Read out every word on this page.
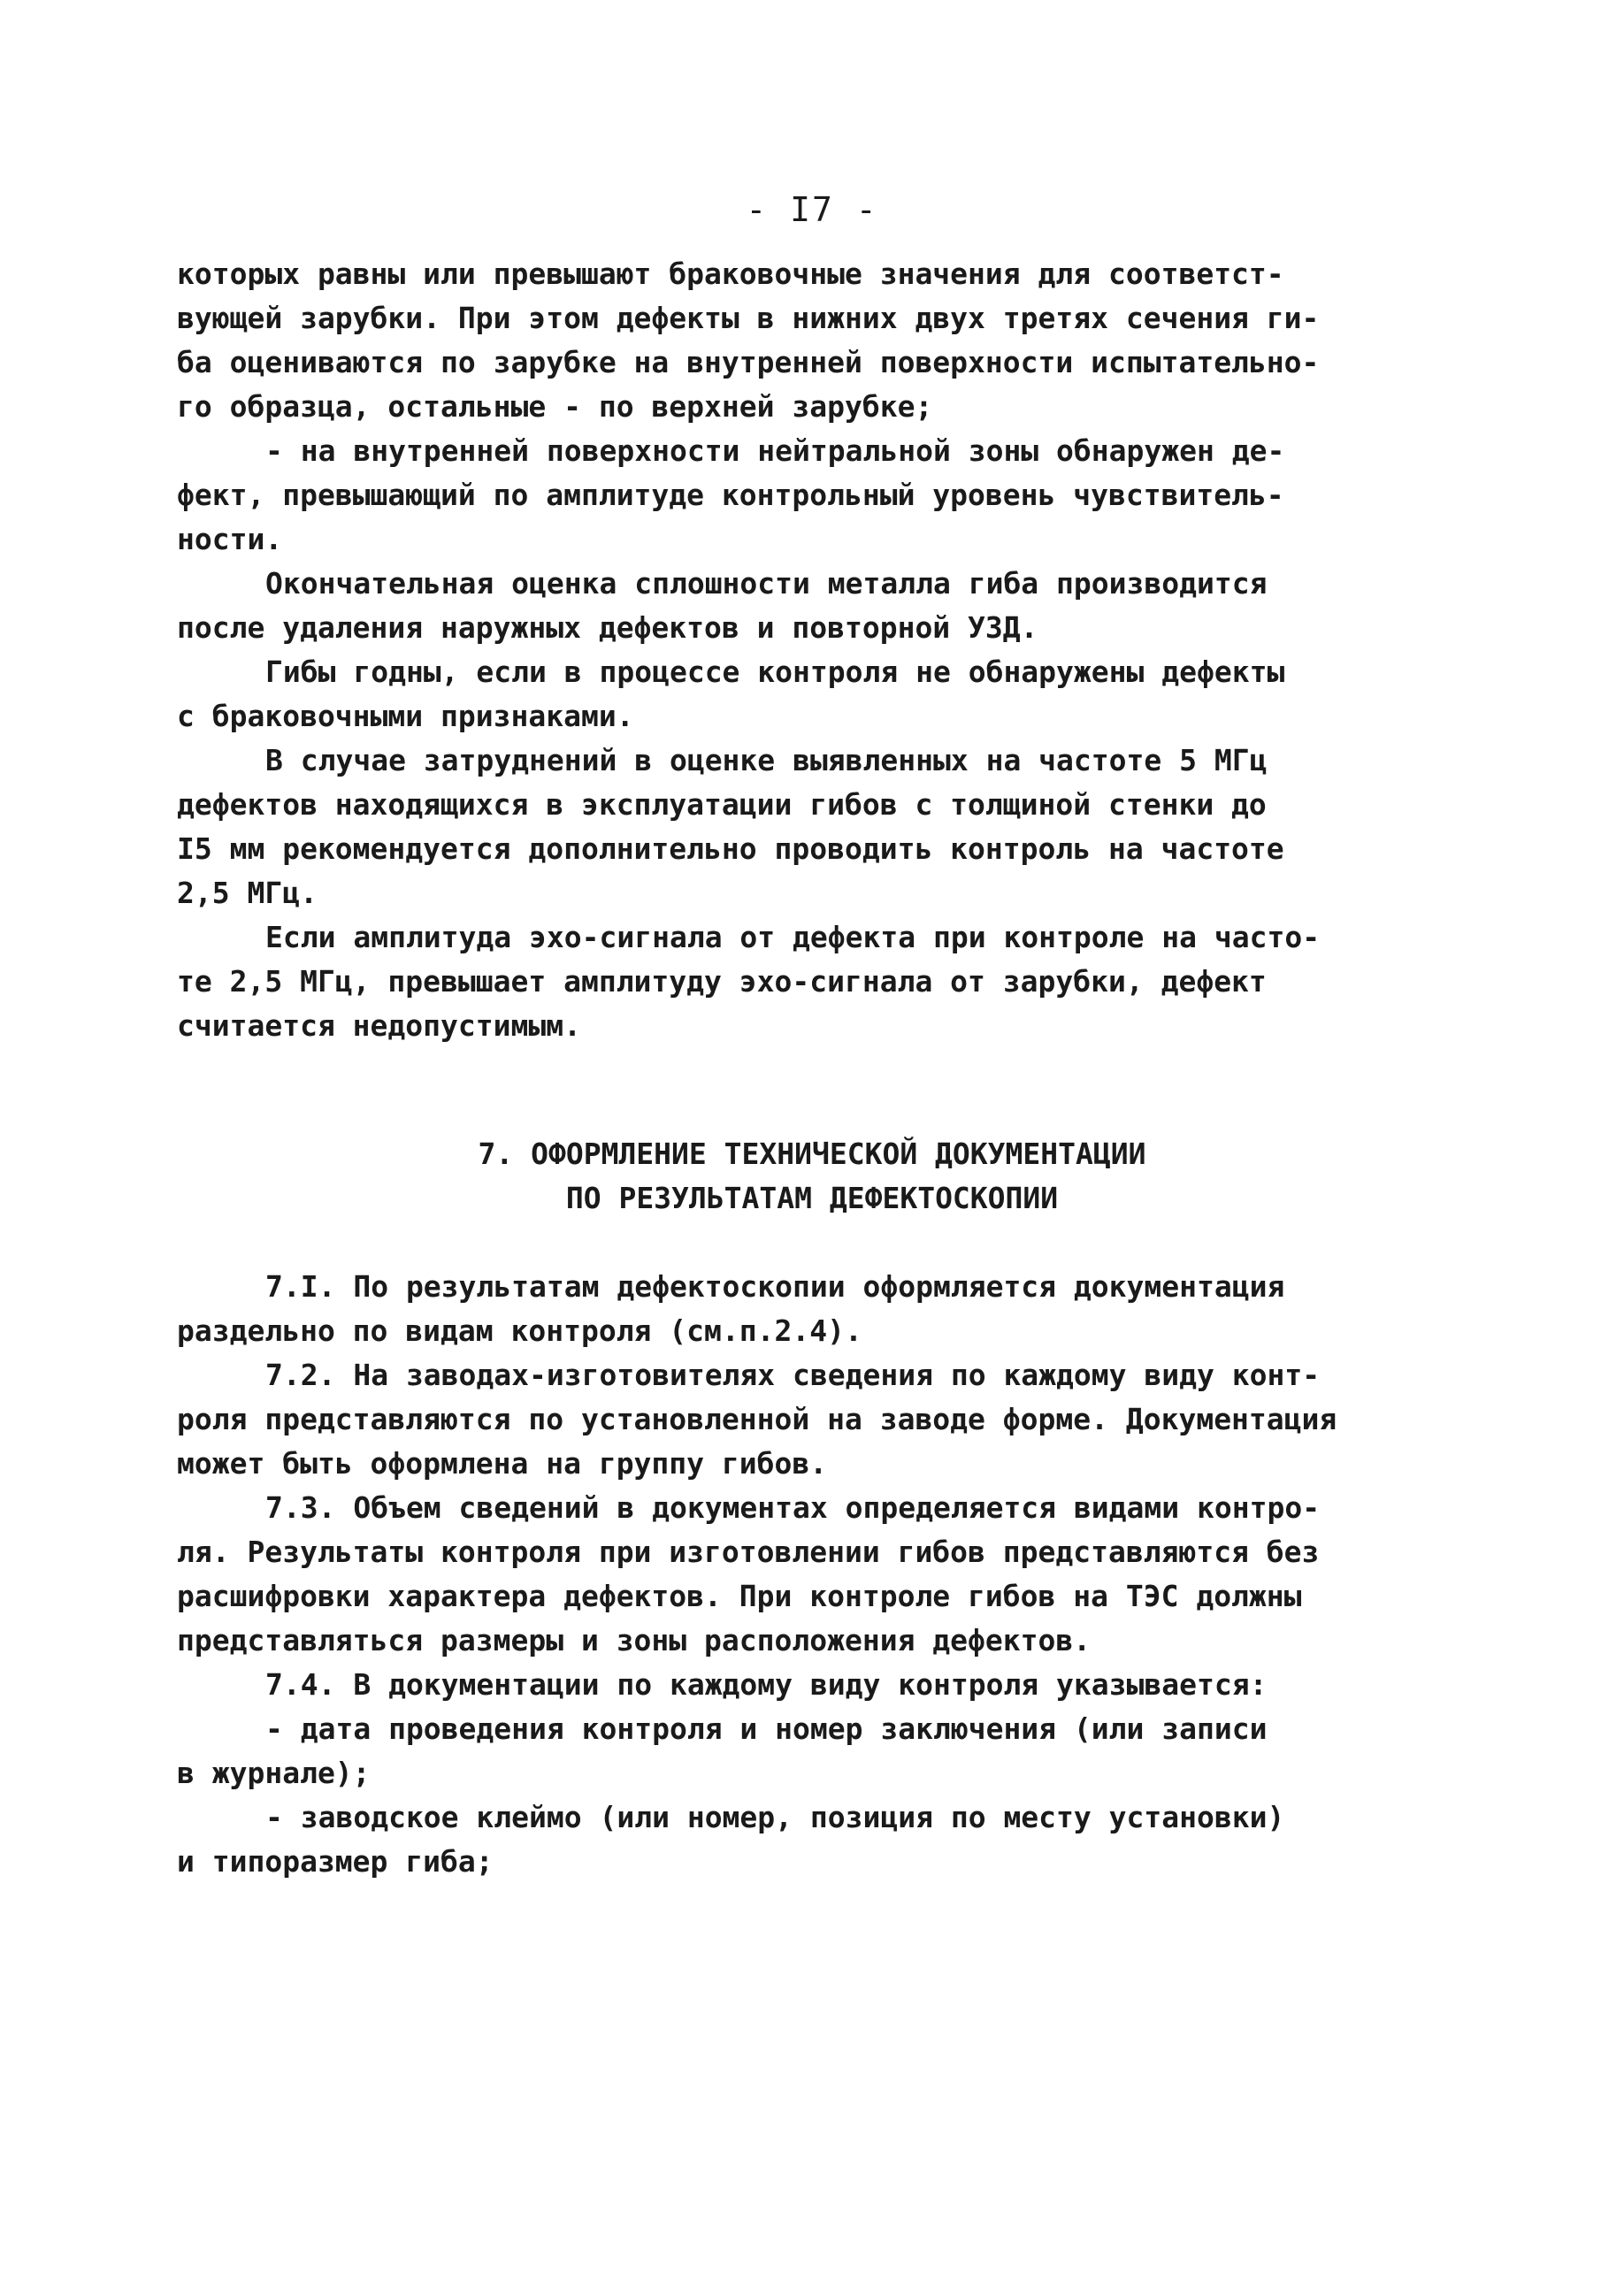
- I7 -
которых равны или превышают браковочные значения для соответст-
вующей зарубки. При этом дефекты в нижних двух третях сечения ги-
ба оцениваются по зарубке на внутренней поверхности испытательно-
го образца, остальные - по верхней зарубке;
- на внутренней поверхности нейтральной зоны обнаружен де-
фект, превышающий по амплитуде контрольный уровень чувствитель-
ности.
Окончательная оценка сплошности металла гиба производится
после удаления наружных дефектов и повторной УЗД.
Гибы годны, если в процессе контроля не обнаружены дефекты
с браковочными признаками.
В случае затруднений в оценке выявленных на частоте 5 МГц
дефектов находящихся в эксплуатации гибов с толщиной стенки до
I5 мм рекомендуется дополнительно проводить контроль на частоте
2,5 МГц.
Если амплитуда эхо-сигнала от дефекта при контроле на часто-
те 2,5 МГц, превышает амплитуду эхо-сигнала от зарубки, дефект
считается недопустимым.
7. ОФОРМЛЕНИЕ ТЕХНИЧЕСКОЙ ДОКУМЕНТАЦИИ
ПО РЕЗУЛЬТАТАМ ДЕФЕКТОСКОПИИ
7.I. По результатам дефектоскопии оформляется документация
раздельно по видам контроля (см.п.2.4).
7.2. На заводах-изготовителях сведения по каждому виду конт-
роля представляются по установленной на заводе форме. Документация
может быть оформлена на группу гибов.
7.3. Объем сведений в документах определяется видами контро-
ля. Результаты контроля при изготовлении гибов представляются без
расшифровки характера дефектов. При контроле гибов на ТЭС должны
представляться размеры и зоны расположения дефектов.
7.4. В документации по каждому виду контроля указывается:
- дата проведения контроля и номер заключения (или записи
в журнале);
- заводское клеймо (или номер, позиция по месту установки)
и типоразмер гиба;
